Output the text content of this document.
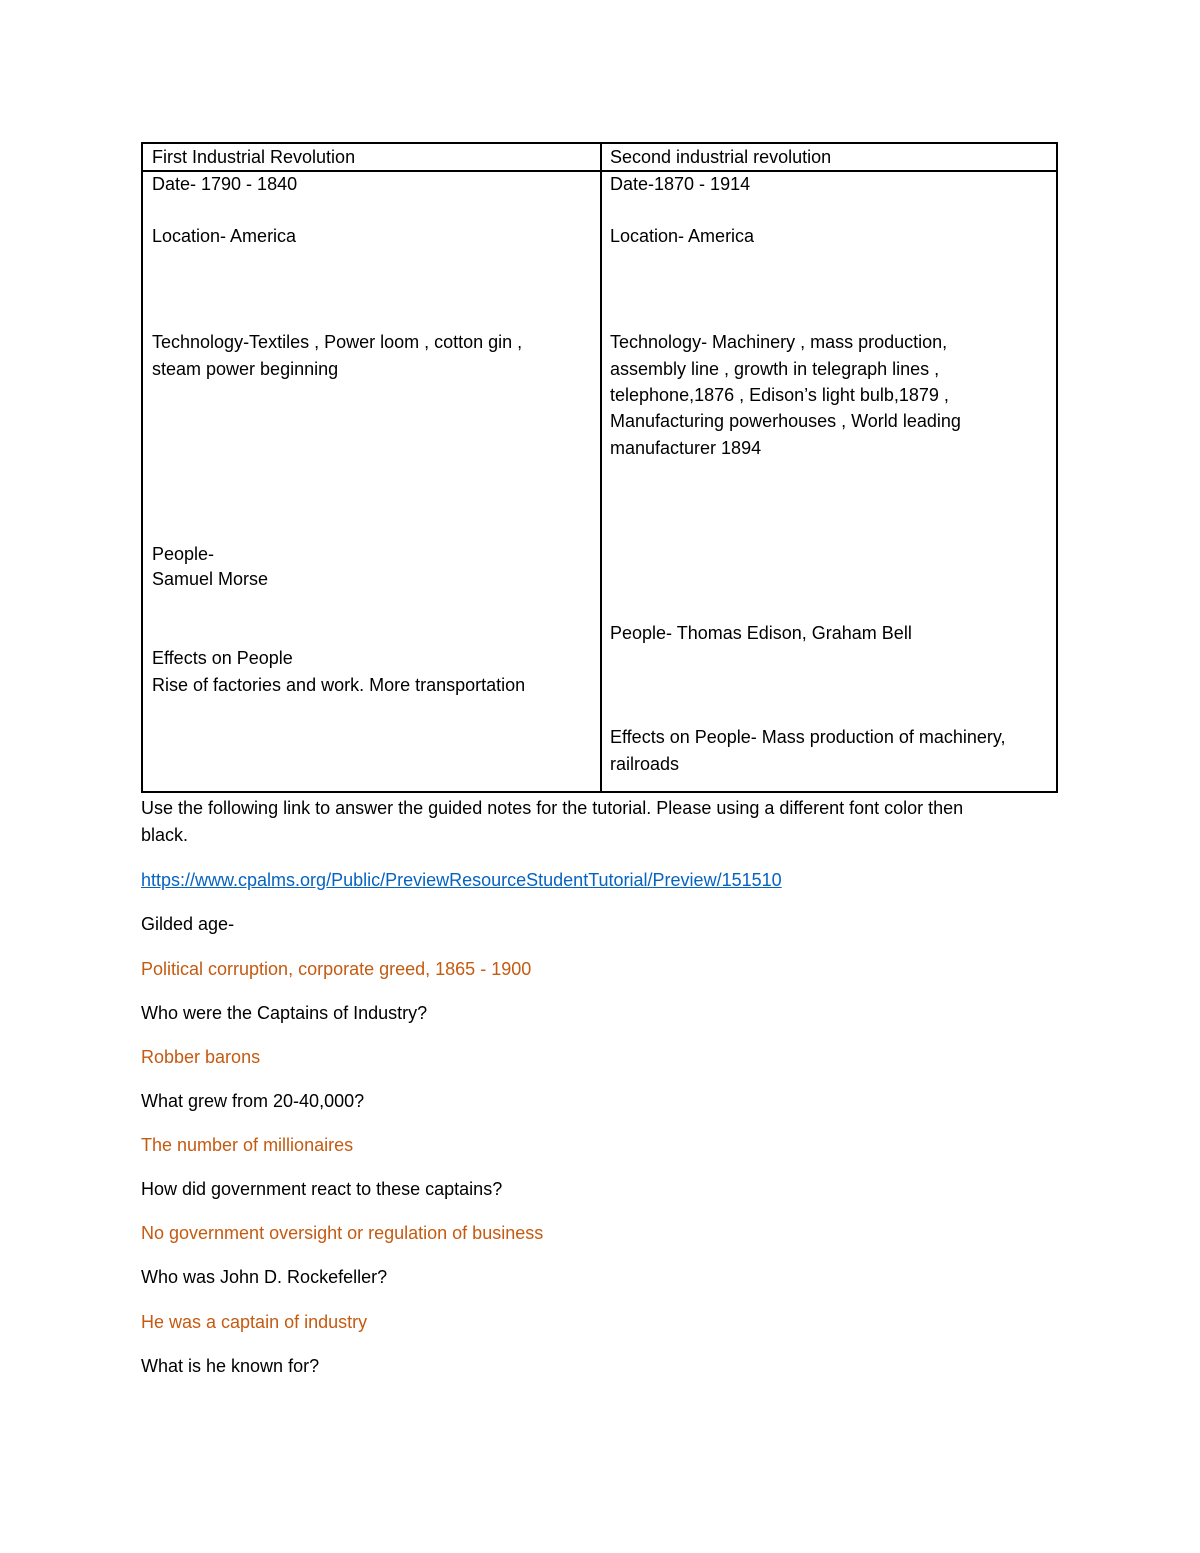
First Industrial Revolution	Second industrial revolution
Date- 1790 - 1840
Location- America
Technology-Textiles , Power loom , cotton gin ,
steam power beginning
People-
Samuel Morse
Effects on People
Rise of factories and work. More transportation
Date-1870 - 1914
Location- America
Technology- Machinery , mass production,
assembly line , growth in telegraph lines ,
telephone,1876 , Edison’s light bulb,1879 ,
Manufacturing powerhouses , World leading
manufacturer 1894
People- Thomas Edison, Graham Bell
Effects on People- Mass production of machinery,
railroads
Use the following link to answer the guided notes for the tutorial. Please using a different font color then
black.
https://www.cpalms.org/Public/PreviewResourceStudentTutorial/Preview/151510
Gilded age-
Political corruption, corporate greed, 1865 - 1900
Who were the Captains of Industry?
Robber barons
What grew from 20-40,000?
The number of millionaires
How did government react to these captains?
No government oversight or regulation of business
Who was John D. Rockefeller?
He was a captain of industry
What is he known for?
